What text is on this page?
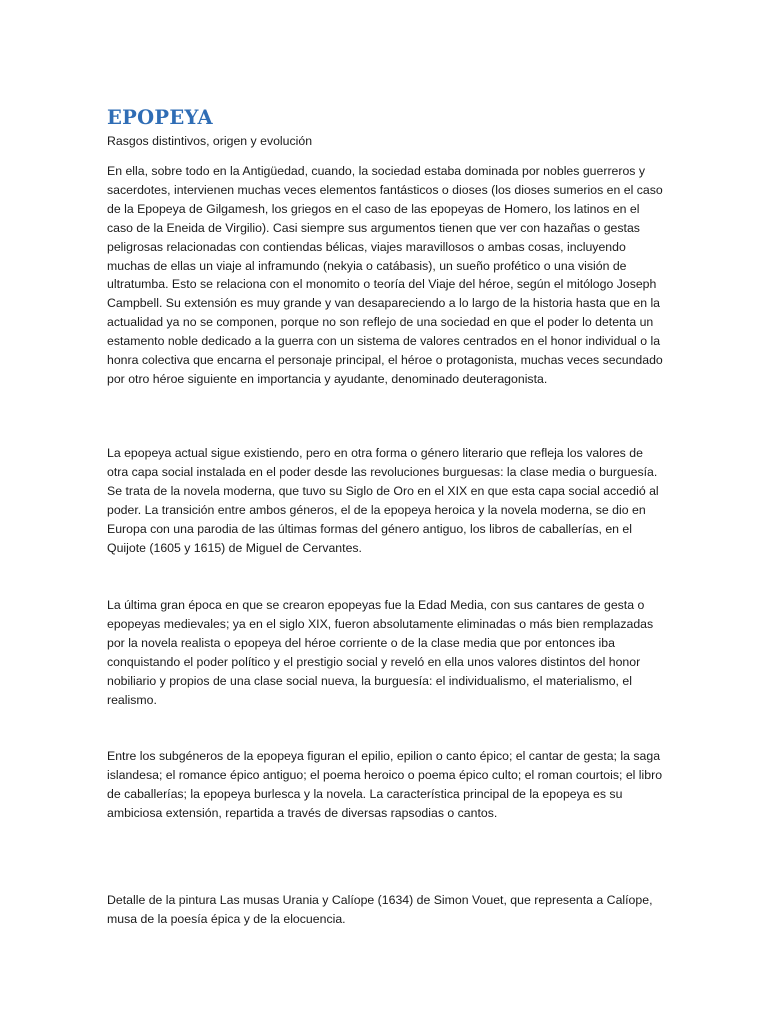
EPOPEYA

Rasgos distintivos, origen y evolución

En ella, sobre todo en la Antigüedad, cuando, la sociedad estaba dominada por nobles guerreros y sacerdotes, intervienen muchas veces elementos fantásticos o dioses (los dioses sumerios en el caso de la Epopeya de Gilgamesh, los griegos en el caso de las epopeyas de Homero, los latinos en el caso de la Eneida de Virgilio). Casi siempre sus argumentos tienen que ver con hazañas o gestas peligrosas relacionadas con contiendas bélicas, viajes maravillosos o ambas cosas, incluyendo muchas de ellas un viaje al inframundo (nekyia o catábasis), un sueño profético o una visión de ultratumba. Esto se relaciona con el monomito o teoría del Viaje del héroe, según el mitólogo Joseph Campbell. Su extensión es muy grande y van desapareciendo a lo largo de la historia hasta que en la actualidad ya no se componen, porque no son reflejo de una sociedad en que el poder lo detenta un estamento noble dedicado a la guerra con un sistema de valores centrados en el honor individual o la honra colectiva que encarna el personaje principal, el héroe o protagonista, muchas veces secundado por otro héroe siguiente en importancia y ayudante, denominado deuteragonista.

La epopeya actual sigue existiendo, pero en otra forma o género literario que refleja los valores de otra capa social instalada en el poder desde las revoluciones burguesas: la clase media o burguesía. Se trata de la novela moderna, que tuvo su Siglo de Oro en el XIX en que esta capa social accedió al poder. La transición entre ambos géneros, el de la epopeya heroica y la novela moderna, se dio en Europa con una parodia de las últimas formas del género antiguo, los libros de caballerías, en el Quijote (1605 y 1615) de Miguel de Cervantes.

La última gran época en que se crearon epopeyas fue la Edad Media, con sus cantares de gesta o epopeyas medievales; ya en el siglo XIX, fueron absolutamente eliminadas o más bien remplazadas por la novela realista o epopeya del héroe corriente o de la clase media que por entonces iba conquistando el poder político y el prestigio social y reveló en ella unos valores distintos del honor nobiliario y propios de una clase social nueva, la burguesía: el individualismo, el materialismo, el realismo.

Entre los subgéneros de la epopeya figuran el epilio, epilion o canto épico; el cantar de gesta; la saga islandesa; el romance épico antiguo; el poema heroico o poema épico culto; el roman courtois; el libro de caballerías; la epopeya burlesca y la novela. La característica principal de la epopeya es su ambiciosa extensión, repartida a través de diversas rapsodias o cantos.

Detalle de la pintura Las musas Urania y Calíope (1634) de Simon Vouet, que representa a Calíope, musa de la poesía épica y de la elocuencia.
